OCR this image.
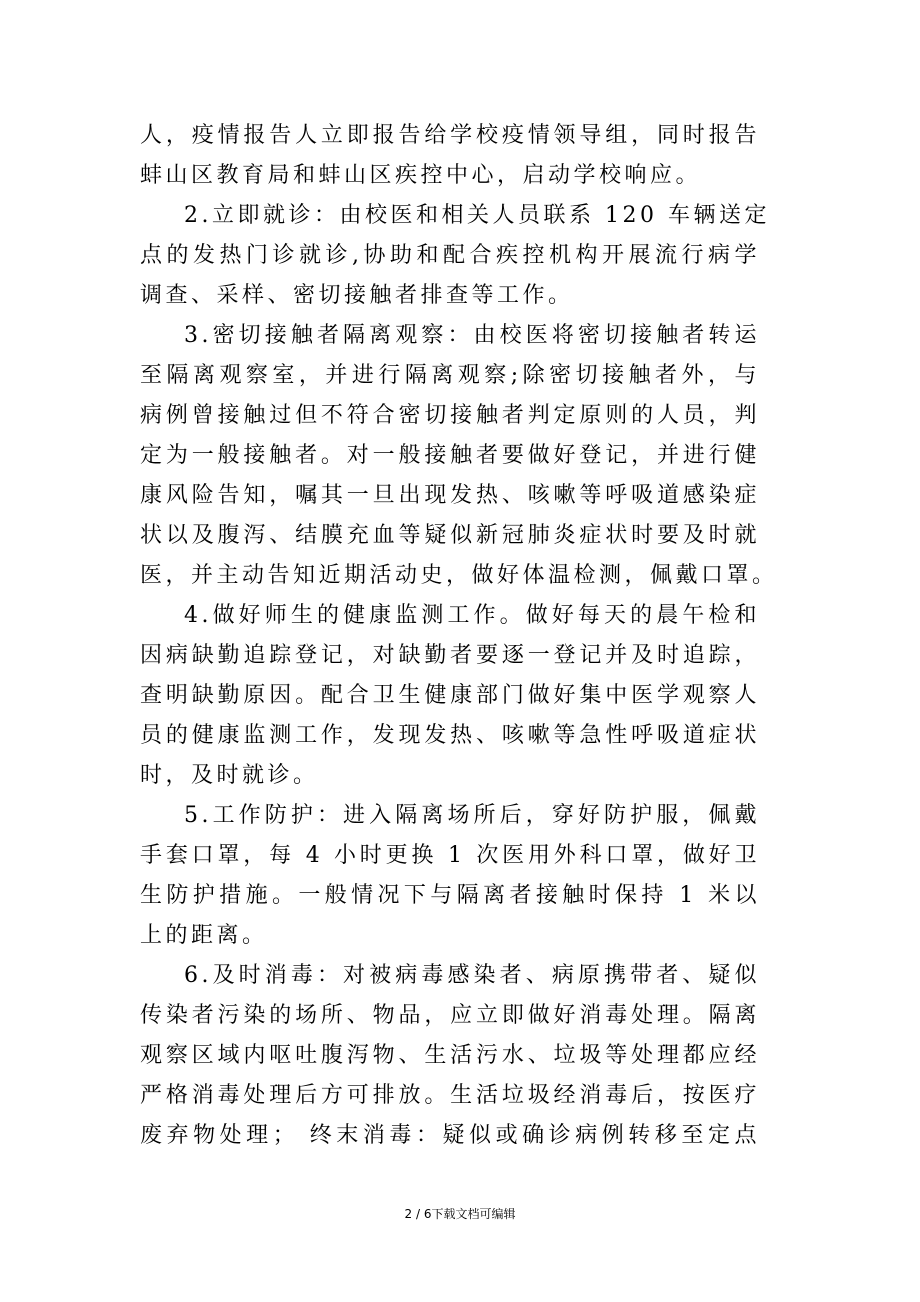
人，疫情报告人立即报告给学校疫情领导组，同时报告
蚌山区教育局和蚌山区疾控中心，启动学校响应。
2.立即就诊：由校医和相关人员联系 120 车辆送定
点的发热门诊就诊,协助和配合疾控机构开展流行病学
调查、采样、密切接触者排查等工作。
3.密切接触者隔离观察：由校医将密切接触者转运
至隔离观察室，并进行隔离观察;除密切接触者外，与
病例曾接触过但不符合密切接触者判定原则的人员，判
定为一般接触者。对一般接触者要做好登记，并进行健
康风险告知，嘱其一旦出现发热、咳嗽等呼吸道感染症
状以及腹泻、结膜充血等疑似新冠肺炎症状时要及时就
医，并主动告知近期活动史，做好体温检测，佩戴口罩。
4.做好师生的健康监测工作。做好每天的晨午检和
因病缺勤追踪登记，对缺勤者要逐一登记并及时追踪，
查明缺勤原因。配合卫生健康部门做好集中医学观察人
员的健康监测工作，发现发热、咳嗽等急性呼吸道症状
时，及时就诊。
5.工作防护：进入隔离场所后，穿好防护服，佩戴
手套口罩，每 4 小时更换 1 次医用外科口罩，做好卫
生防护措施。一般情况下与隔离者接触时保持 1 米以
上的距离。
6.及时消毒：对被病毒感染者、病原携带者、疑似
传染者污染的场所、物品，应立即做好消毒处理。隔离
观察区域内呕吐腹泻物、生活污水、垃圾等处理都应经
严格消毒处理后方可排放。生活垃圾经消毒后，按医疗
废弃物处理； 终末消毒：疑似或确诊病例转移至定点
2 / 6下载文档可编辑
